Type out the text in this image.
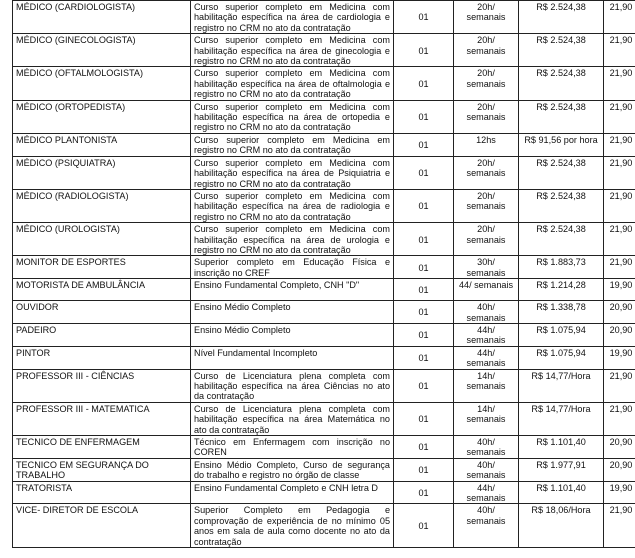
MÉDICO (CARDIOLOGISTA)	Curso superior completo em Medicina com habilitação específica na área de cardiologia e registro no CRM no ato da contratação	01	20h/ semanais	R$ 2.524,38	21,90
MÉDICO (GINECOLOGISTA)	Curso superior completo em Medicina com habilitação específica na área de ginecologia e registro no CRM no ato da contratação	01	20h/ semanais	R$ 2.524,38	21,90
MÉDICO (OFTALMOLOGISTA)	Curso superior completo em Medicina com habilitação específica na área de oftalmologia e registro no CRM no ato da contratação	01	20h/ semanais	R$ 2.524,38	21,90
MÉDICO (ORTOPEDISTA)	Curso superior completo em Medicina com habilitação específica na área de ortopedia e registro no CRM no ato da contratação	01	20h/ semanais	R$ 2.524,38	21,90
MÉDICO PLANTONISTA	Curso superior completo em Medicina em registro no CRM no ato da contratação	01	12hs	R$ 91,56 por hora	21,90
MÉDICO (PSIQUIATRA)	Curso superior completo em Medicina com habilitação específica na área de Psiquiatria e registro no CRM no ato da contratação	01	20h/ semanais	R$ 2.524,38	21,90
MÉDICO (RADIOLOGISTA)	Curso superior completo em Medicina com habilitação específica na área de radiologia e registro no CRM no ato da contratação	01	20h/ semanais	R$ 2.524,38	21,90
MÉDICO (UROLOGISTA)	Curso superior completo em Medicina com habilitação específica na área de urologia e registro no CRM no ato da contratação	01	20h/ semanais	R$ 2.524,38	21,90
MONITOR DE ESPORTES	Superior completo em Educação Física e inscrição no CREF	01	30h/ semanais	R$ 1.883,73	21,90
MOTORISTA DE AMBULÂNCIA	Ensino Fundamental Completo, CNH "D"	01	44/ semanais	R$ 1.214,28	19,90
OUVIDOR	Ensino Médio Completo	01	40h/ semanais	R$ 1.338,78	20,90
PADEIRO	Ensino Médio Completo	01	44h/ semanais	R$ 1.075,94	20,90
PINTOR	Nível Fundamental Incompleto	01	44h/ semanais	R$ 1.075,94	19,90
PROFESSOR III - CIÊNCIAS	Curso de Licenciatura plena completa com habilitação específica na área Ciências no ato da contratação	01	14h/ semanais	R$ 14,77/Hora	21,90
PROFESSOR III - MATEMATICA	Curso de Licenciatura plena completa com habilitação específica na área Matemática no ato da contratação	01	14h/ semanais	R$ 14,77/Hora	21,90
TECNICO DE ENFERMAGEM	Técnico em Enfermagem com inscrição no COREN	01	40h/ semanais	R$ 1.101,40	20,90
TECNICO EM SEGURANÇA DO TRABALHO	Ensino Médio Completo, Curso de segurança do trabalho e registro no órgão de classe	01	40h/ semanais	R$ 1.977,91	20,90
TRATORISTA	Ensino Fundamental Completo e CNH letra D	01	44h/ semanais	R$ 1.101,40	19,90
VICE- DIRETOR DE ESCOLA	Superior Completo em Pedagogia e comprovação de experiência de no mínimo 05 anos em sala de aula como docente no ato da contratação	01	40h/ semanais	R$ 18,06/Hora	21,90
